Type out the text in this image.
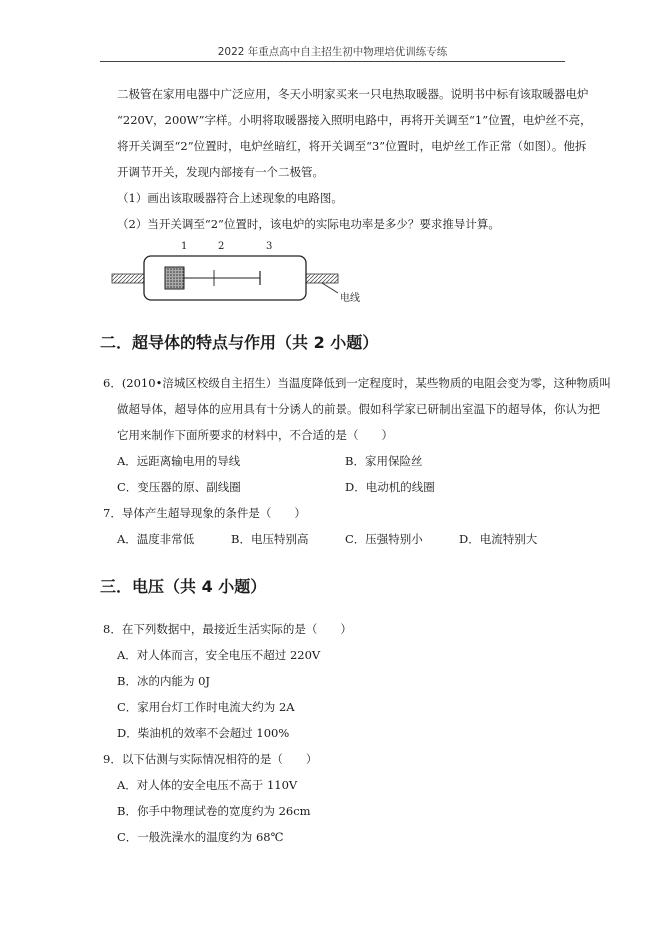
2022 年重点高中自主招生初中物理培优训练专练
二极管在家用电器中广泛应用，冬天小明家买来一只电热取暖器。说明书中标有该取暖器电炉
“220V，200W”字样。小明将取暖器接入照明电路中，再将开关调至“1”位置，电炉丝不亮，
将开关调至“2”位置时，电炉丝暗红，将开关调至“3”位置时，电炉丝工作正常（如图）。他拆
开调节开关，发现内部接有一个二极管。
（1）画出该取暖器符合上述现象的电路图。
（2）当开关调至“2”位置时，该电炉的实际电功率是多少？要求推导计算。
1	2	3
电线
二．超导体的特点与作用（共 2 小题）
6．(2010•涪城区校级自主招生）当温度降低到一定程度时，某些物质的电阻会变为零，这种物质叫
做超导体，超导体的应用具有十分诱人的前景。假如科学家已研制出室温下的超导体，你认为把
它用来制作下面所要求的材料中，不合适的是（　　）
A．远距离输电用的导线	B．家用保险丝
C．变压器的原、副线圈	D．电动机的线圈
7．导体产生超导现象的条件是（　　）
A．温度非常低	B．电压特别高	C．压强特别小	D．电流特别大
三．电压（共 4 小题）
8．在下列数据中，最接近生活实际的是（　　）
A．对人体而言，安全电压不超过 220V
B．冰的内能为 0J
C．家用台灯工作时电流大约为 2A
D．柴油机的效率不会超过 100%
9．以下估测与实际情况相符的是（　　）
A．对人体的安全电压不高于 110V
B．你手中物理试卷的宽度约为 26cm
C．一般洗澡水的温度约为 68℃
